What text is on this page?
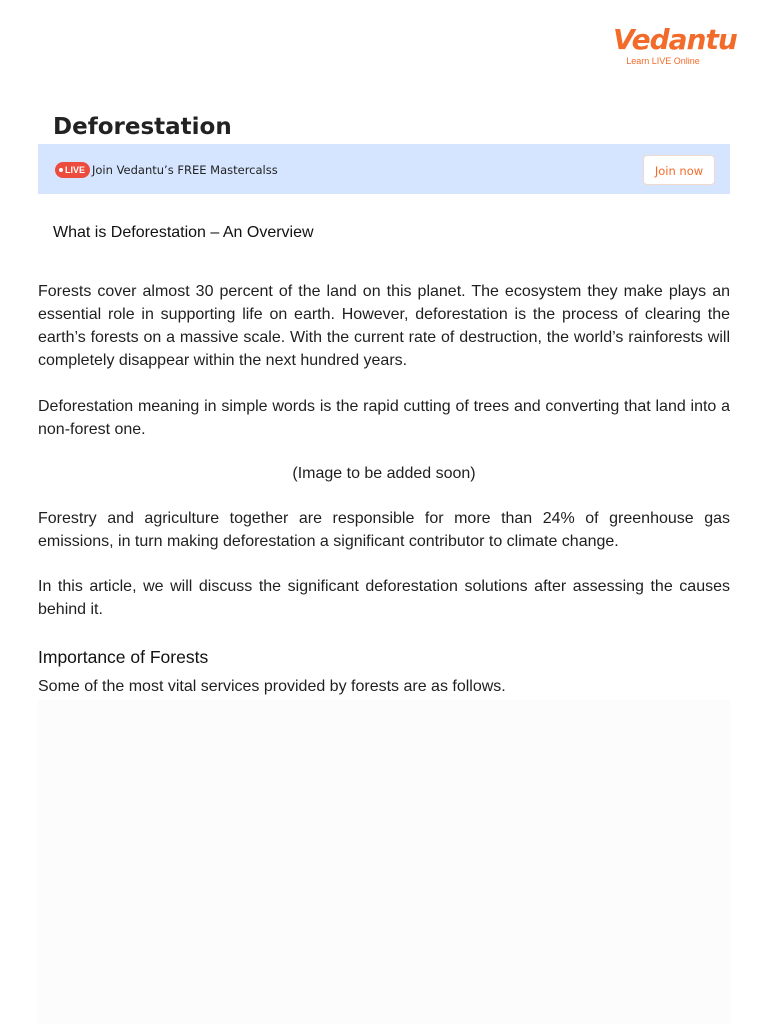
Vedantu
Learn LIVE Online
Deforestation
LIVE Join Vedantu’s FREE Mastercalss	Join now
What is Deforestation – An Overview

Forests cover almost 30 percent of the land on this planet. The ecosystem they make plays an essential role in supporting life on earth. However, deforestation is the process of clearing the earth’s forests on a massive scale. With the current rate of destruction, the world’s rainforests will completely disappear within the next hundred years.

Deforestation meaning in simple words is the rapid cutting of trees and converting that land into a non-forest one.

(Image to be added soon)

Forestry and agriculture together are responsible for more than 24% of greenhouse gas emissions, in turn making deforestation a significant contributor to climate change.

In this article, we will discuss the significant deforestation solutions after assessing the causes behind it.

Importance of Forests

Some of the most vital services provided by forests are as follows.
